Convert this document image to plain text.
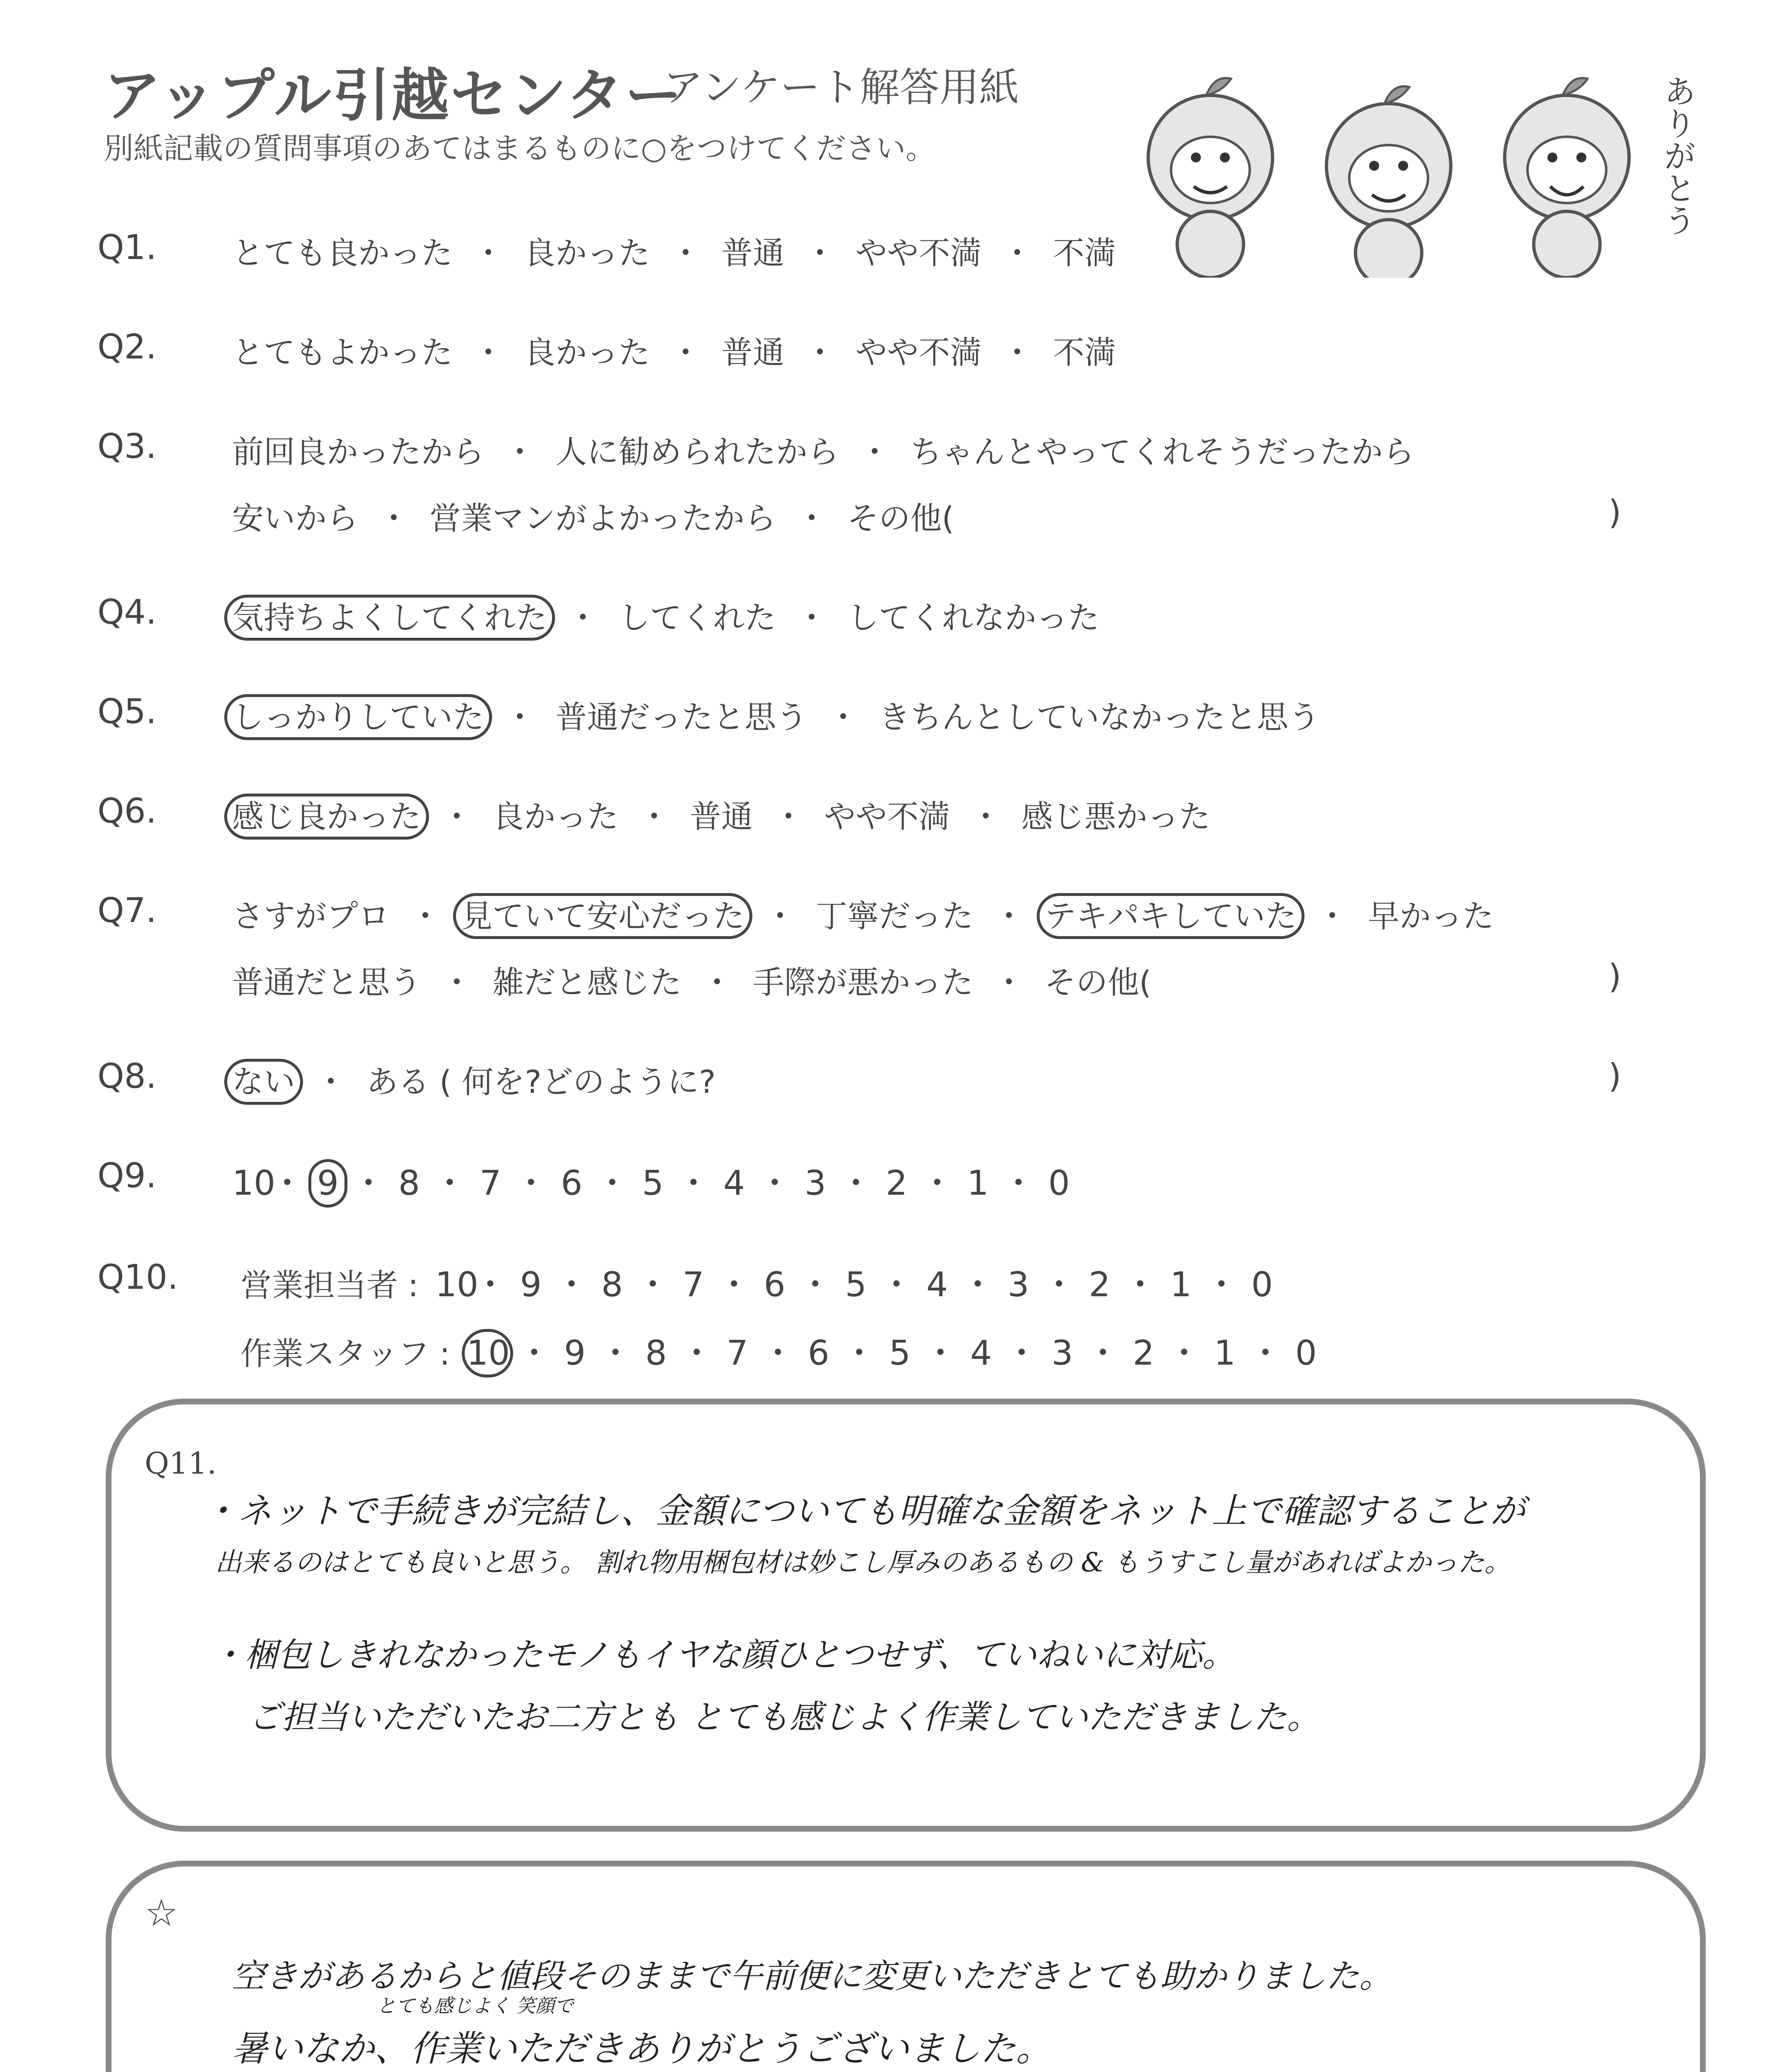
アップル引越センター
アンケート解答用紙
別紙記載の質問事項のあてはまるものに○をつけてください。	ありがとう
Q1. とても良かった ・ 良かった ・ 普通 ・ やや不満 ・ 不満
Q2. とてもよかった ・ 良かった ・ 普通 ・ やや不満 ・ 不満
Q3. 前回良かったから ・ 人に勧められたから ・ ちゃんとやってくれそうだったから
安いから ・ 営業マンがよかったから ・ その他(	)
Q4. 気持ちよくしてくれた ・ してくれた ・ してくれなかった
Q5. しっかりしていた ・ 普通だったと思う ・ きちんとしていなかったと思う
Q6. 感じ良かった ・ 良かった ・ 普通 ・ やや不満 ・ 感じ悪かった
Q7. さすがプロ ・ 見ていて安心だった ・ 丁寧だった ・ テキパキしていた ・ 早かった
普通だと思う ・ 雑だと感じた ・ 手際が悪かった ・ その他(	)
Q8. ない ・ ある ( 何を?どのように?	)
Q9. 10・ 9 ・ 8 ・ 7 ・ 6 ・ 5 ・ 4 ・ 3 ・ 2 ・ 1 ・ 0
Q10. 営業担当者 : 10・ 9 ・ 8 ・ 7 ・ 6 ・ 5 ・ 4 ・ 3 ・ 2 ・ 1 ・ 0
作業スタッフ : 10 ・ 9 ・ 8 ・ 7 ・ 6 ・ 5 ・ 4 ・ 3 ・ 2 ・ 1 ・ 0
Q11.
・ネットで手続きが完結し、金額についても明確な金額をネット上で確認することが
出来るのはとても良いと思う。 割れ物用梱包材は妙こし厚みのあるもの & もうすこし量があればよかった。
・梱包しきれなかったモノもイヤな顔ひとつせず、ていねいに対応。
ご担当いただいたお二方とも とても感じよく作業していただきました。
☆
空きがあるからと値段そのままで午前便に変更いただきとても助かりました。
とても感じよく 笑顔で
暑いなか、作業いただきありがとうございました。
